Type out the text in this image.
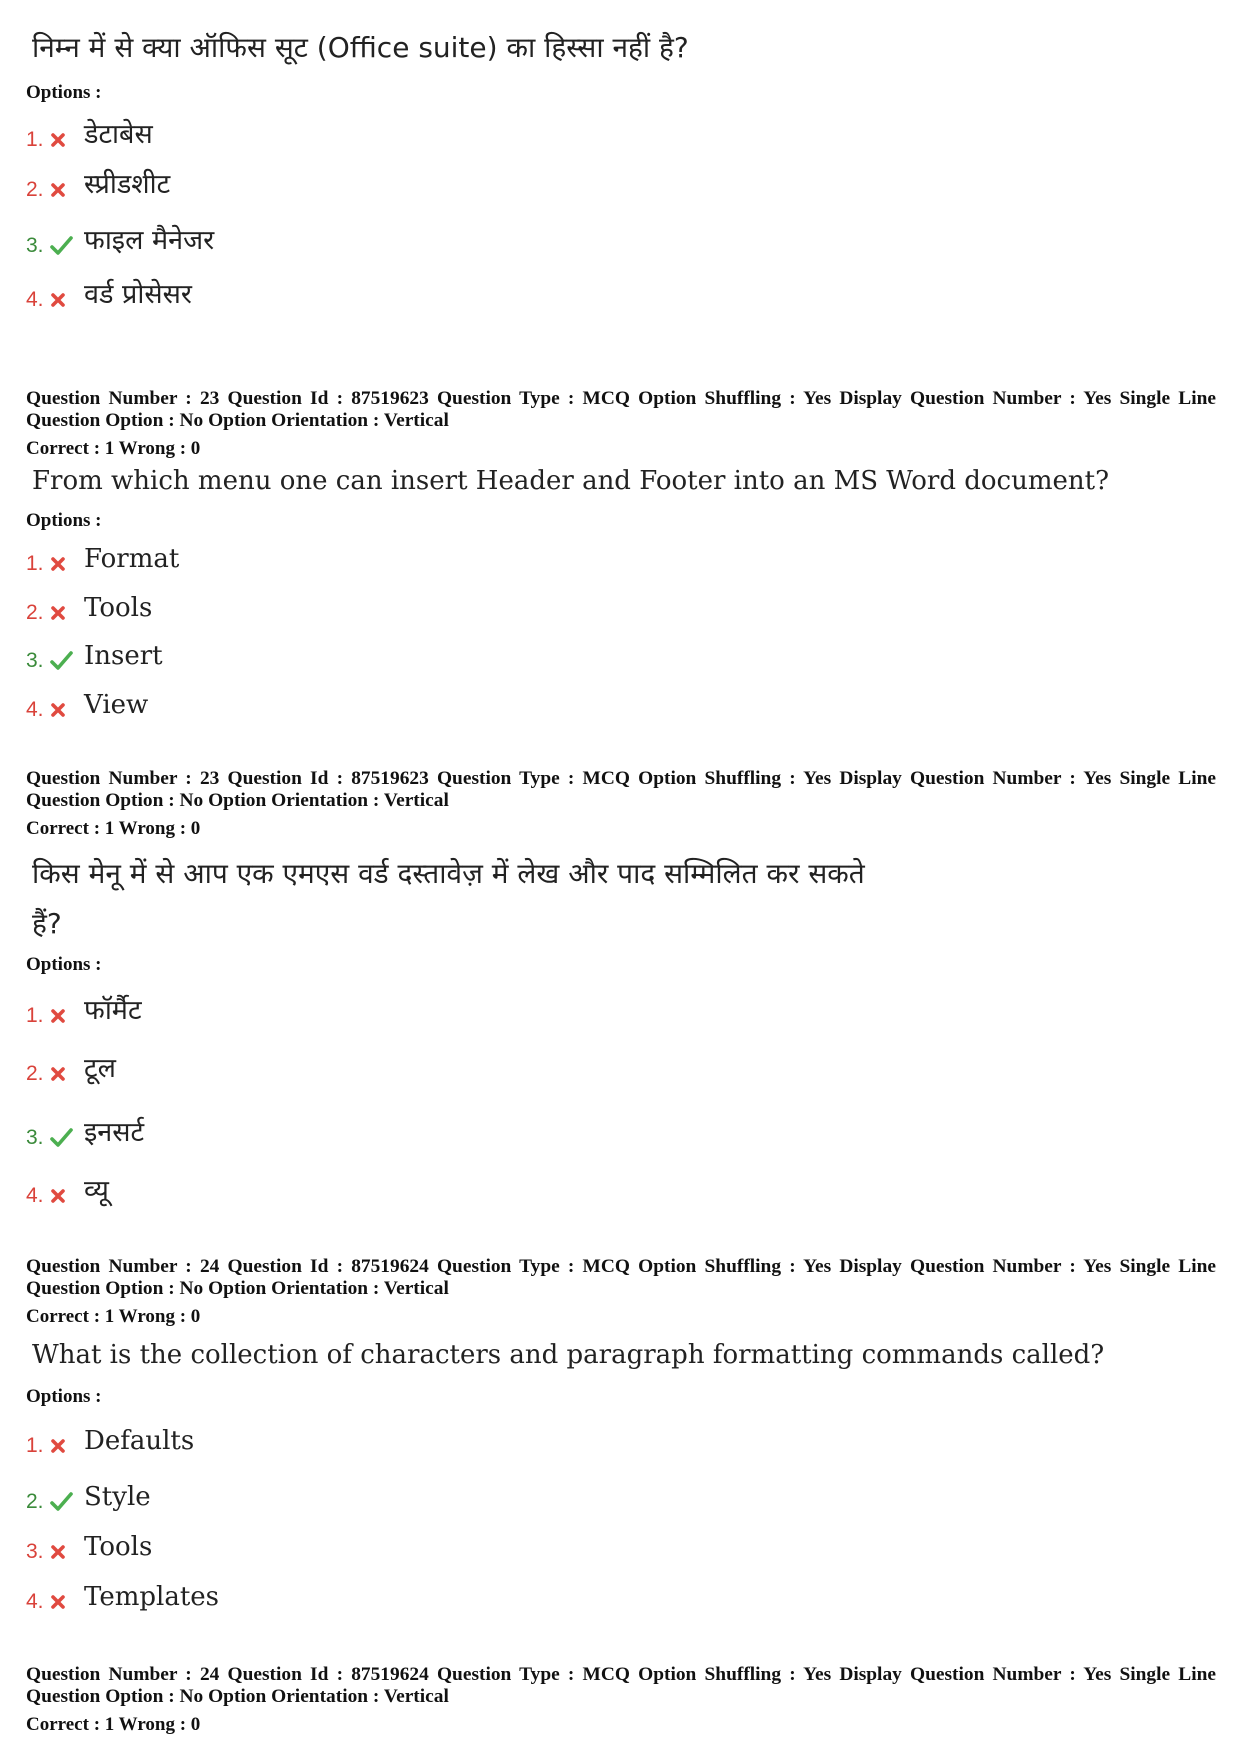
निम्न में से क्या ऑफिस सूट (Office suite) का हिस्सा नहीं है?
Options :
1. डेटाबेस
2. स्प्रीडशीट
3. फाइल मैनेजर
4. वर्ड प्रोसेसर
Question Number : 23 Question Id : 87519623 Question Type : MCQ Option Shuffling : Yes Display Question Number : Yes Single Line Question Option : No Option Orientation : Vertical
Correct : 1 Wrong : 0
From which menu one can insert Header and Footer into an MS Word document?
Options :
1. Format
2. Tools
3. Insert
4. View
Question Number : 23 Question Id : 87519623 Question Type : MCQ Option Shuffling : Yes Display Question Number : Yes Single Line Question Option : No Option Orientation : Vertical
Correct : 1 Wrong : 0
किस मेनू में से आप एक एमएस वर्ड दस्तावेज़ में लेख और पाद सम्मिलित कर सकते
हैं?
Options :
1. फॉर्मैट
2. टूल
3. इनसर्ट
4. व्यू
Question Number : 24 Question Id : 87519624 Question Type : MCQ Option Shuffling : Yes Display Question Number : Yes Single Line Question Option : No Option Orientation : Vertical
Correct : 1 Wrong : 0
What is the collection of characters and paragraph formatting commands called?
Options :
1. Defaults
2. Style
3. Tools
4. Templates
Question Number : 24 Question Id : 87519624 Question Type : MCQ Option Shuffling : Yes Display Question Number : Yes Single Line Question Option : No Option Orientation : Vertical
Correct : 1 Wrong : 0
